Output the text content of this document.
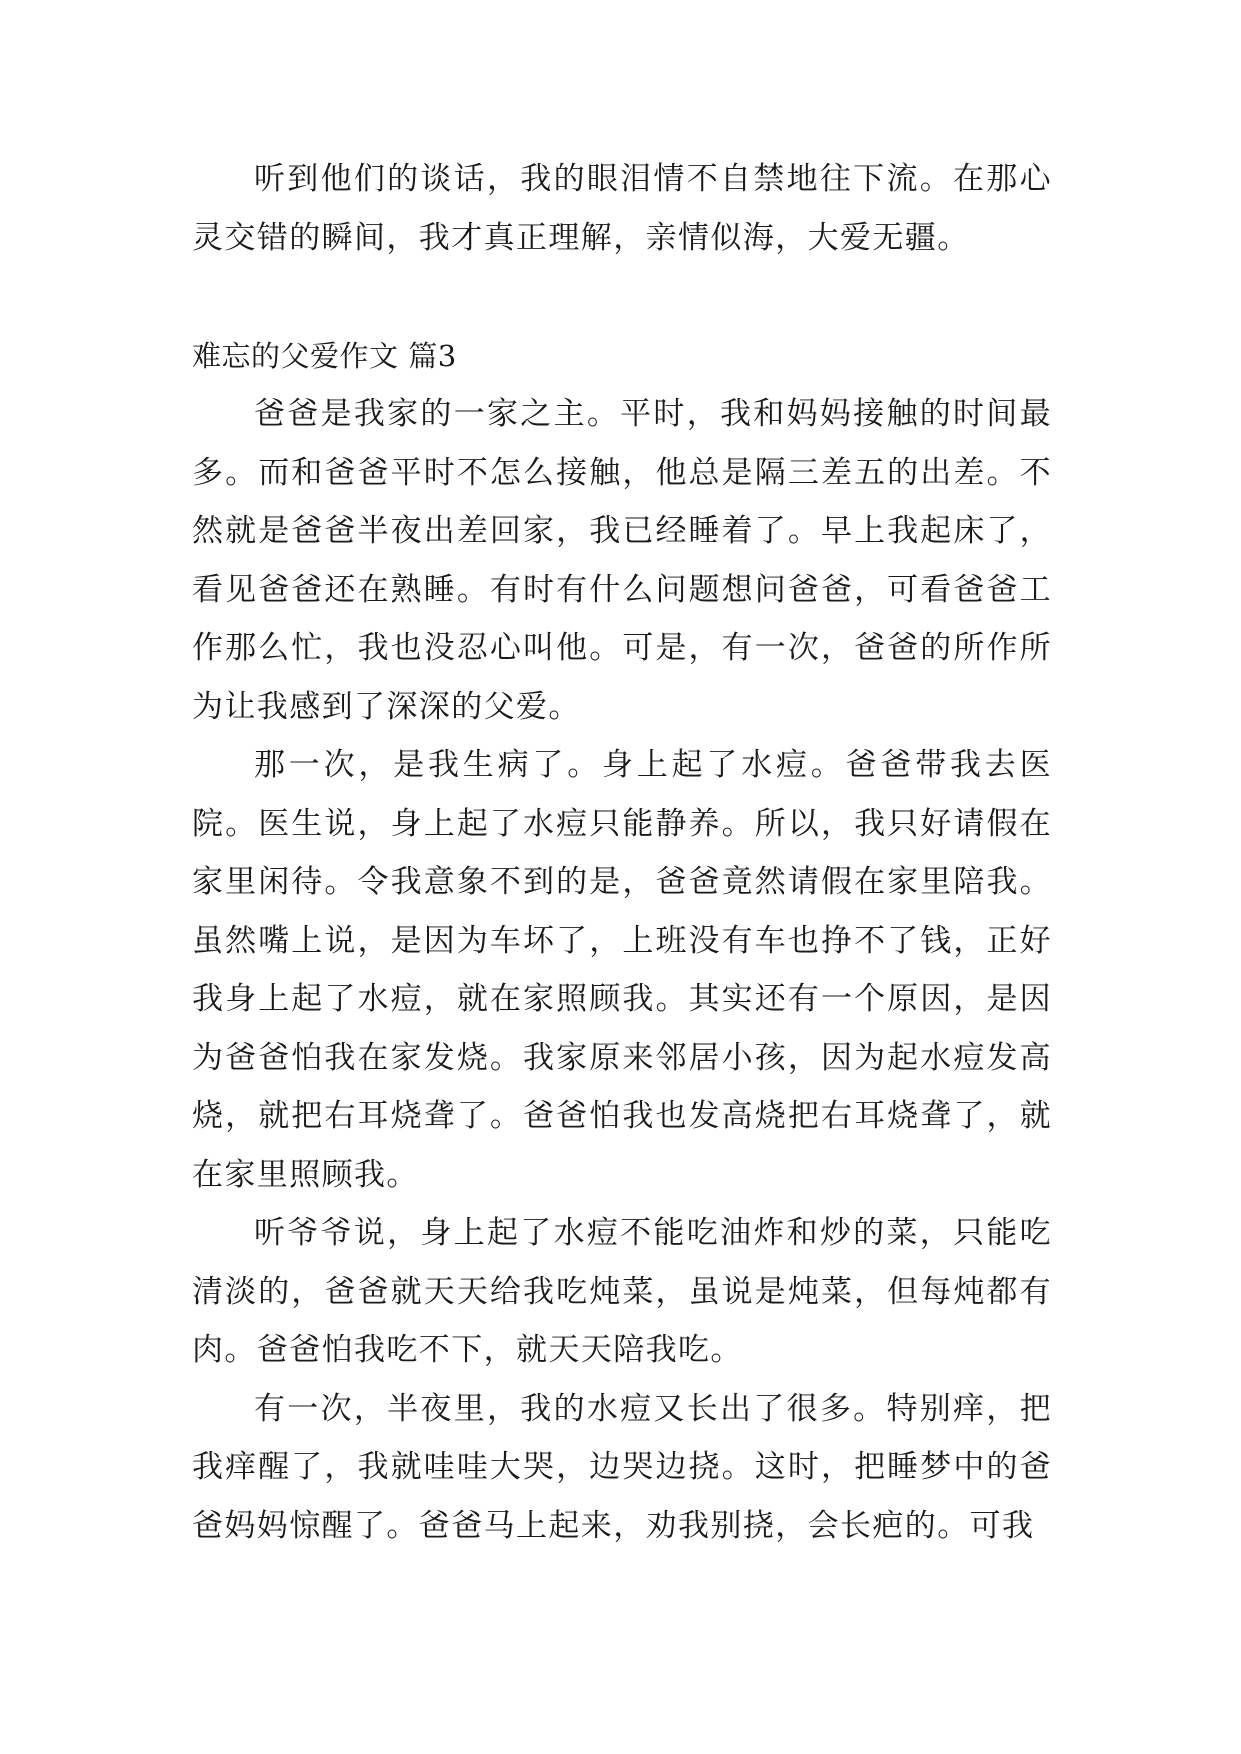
听到他们的谈话，我的眼泪情不自禁地往下流。在那心灵交错的瞬间，我才真正理解，亲情似海，大爱无疆。

难忘的父爱作文 篇3

爸爸是我家的一家之主。平时，我和妈妈接触的时间最多。而和爸爸平时不怎么接触，他总是隔三差五的出差。不然就是爸爸半夜出差回家，我已经睡着了。早上我起床了，看见爸爸还在熟睡。有时有什么问题想问爸爸，可看爸爸工作那么忙，我也没忍心叫他。可是，有一次，爸爸的所作所为让我感到了深深的父爱。

那一次，是我生病了。身上起了水痘。爸爸带我去医院。医生说，身上起了水痘只能静养。所以，我只好请假在家里闲待。令我意象不到的是，爸爸竟然请假在家里陪我。虽然嘴上说，是因为车坏了，上班没有车也挣不了钱，正好我身上起了水痘，就在家照顾我。其实还有一个原因，是因为爸爸怕我在家发烧。我家原来邻居小孩，因为起水痘发高烧，就把右耳烧聋了。爸爸怕我也发高烧把右耳烧聋了，就在家里照顾我。

听爷爷说，身上起了水痘不能吃油炸和炒的菜，只能吃清淡的，爸爸就天天给我吃炖菜，虽说是炖菜，但每炖都有肉。爸爸怕我吃不下，就天天陪我吃。

有一次，半夜里，我的水痘又长出了很多。特别痒，把我痒醒了，我就哇哇大哭，边哭边挠。这时，把睡梦中的爸爸妈妈惊醒了。爸爸马上起来，劝我别挠，会长疤的。可我
